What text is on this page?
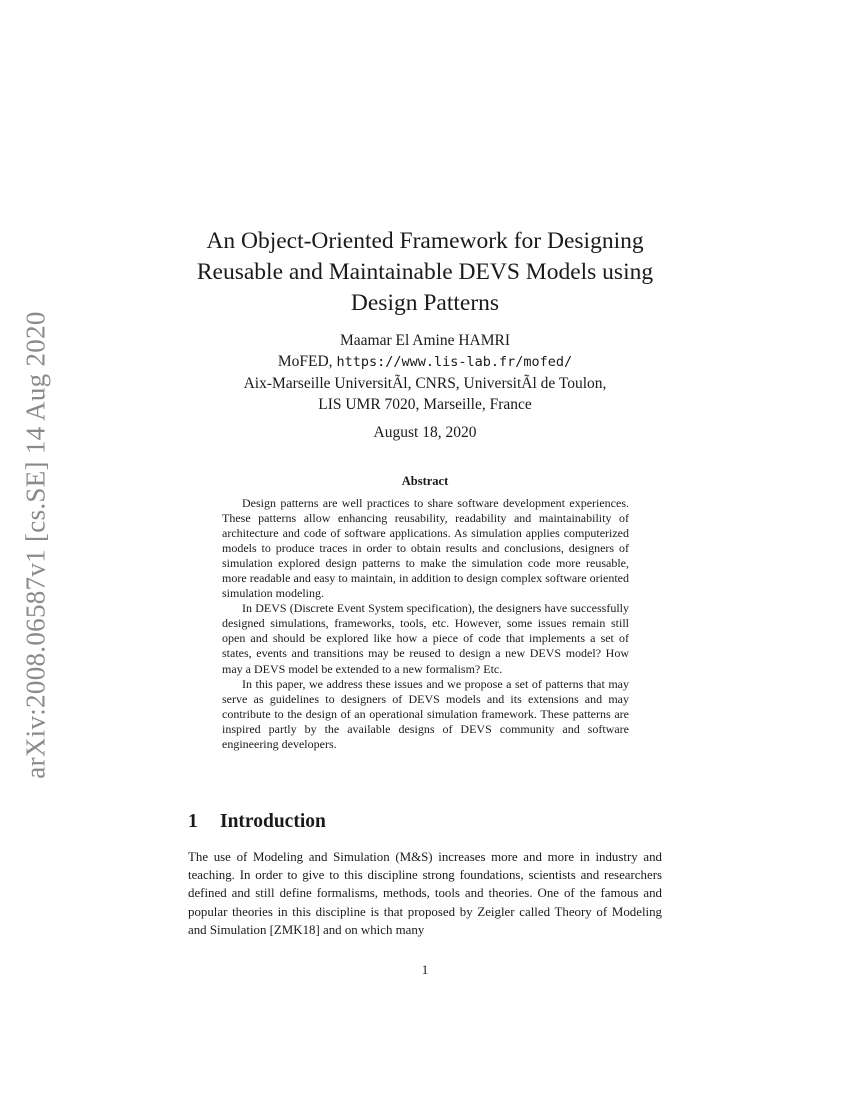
arXiv:2008.06587v1 [cs.SE] 14 Aug 2020
An Object-Oriented Framework for Designing
Reusable and Maintainable DEVS Models using
Design Patterns
Maamar El Amine HAMRI
MoFED, https://www.lis-lab.fr/mofed/
Aix-Marseille UniversitÃl, CNRS, UniversitÃl de Toulon,
LIS UMR 7020, Marseille, France
August 18, 2020
Abstract

Design patterns are well practices to share software development experiences. These patterns allow enhancing reusability, readability and maintainability of architecture and code of software applications. As simulation applies computerized models to produce traces in order to obtain results and conclusions, designers of simulation explored design patterns to make the simulation code more reusable, more readable and easy to maintain, in addition to design complex software oriented simulation modeling.

In DEVS (Discrete Event System specification), the designers have successfully designed simulations, frameworks, tools, etc. However, some issues remain still open and should be explored like how a piece of code that implements a set of states, events and transitions may be reused to design a new DEVS model? How may a DEVS model be extended to a new formalism? Etc.

In this paper, we address these issues and we propose a set of patterns that may serve as guidelines to designers of DEVS models and its extensions and may contribute to the design of an operational simulation framework. These patterns are inspired partly by the available designs of DEVS community and software engineering developers.

1 Introduction

The use of Modeling and Simulation (M&S) increases more and more in industry and teaching. In order to give to this discipline strong foundations, scientists and researchers defined and still define formalisms, methods, tools and theories. One of the famous and popular theories in this discipline is that proposed by Zeigler called Theory of Modeling and Simulation [ZMK18] and on which many

1
